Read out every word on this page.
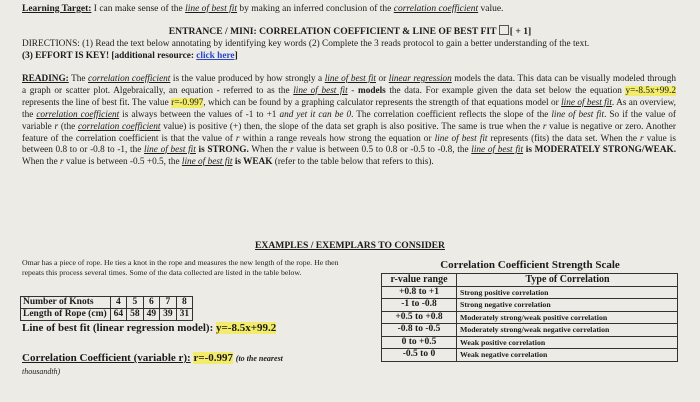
Learning Target: I can make sense of the line of best fit by making an inferred conclusion of the correlation coefficient value.
ENTRANCE / MINI: CORRELATION COEFFICIENT & LINE OF BEST FIT [ + 1]
DIRECTIONS: (1) Read the text below annotating by identifying key words (2) Complete the 3 reads protocol to gain a better understanding of the text.
(3) EFFORT IS KEY! [additional resource: click here]
READING: The correlation coefficient is the value produced by how strongly a line of best fit or linear regression models the data. This data can be visually modeled through a graph or scatter plot. Algebraically, an equation - referred to as the line of best fit - models the data. For example given the data set below the equation y=-8.5x+99.2 represents the line of best fit. The value r=-0.997, which can be found by a graphing calculator represents the strength of that equations model or line of best fit. As an overview, the correlation coefficient is always between the values of -1 to +1 and yet it can be 0. The correlation coefficient reflects the slope of the line of best fit. So if the value of variable r (the correlation coefficient value) is positive (+) then, the slope of the data set graph is also positive. The same is true when the r value is negative or zero. Another feature of the correlation coefficient is that the value of r within a range reveals how strong the equation or line of best fit represents (fits) the data set. When the r value is between 0.8 to or -0.8 to -1, the line of best fit is STRONG. When the r value is between 0.5 to 0.8 or -0.5 to -0.8, the line of best fit is MODERATELY STRONG/WEAK. When the r value is between -0.5 +0.5, the line of best fit is WEAK (refer to the table below that refers to this).
EXAMPLES / EXEMPLARS TO CONSIDER
Omar has a piece of rope. He ties a knot in the rope and measures the new length of the rope. He then repeats this process several times. Some of the data collected are listed in the table below.
Number of Knots	4	5	6	7	8
Length of Rope (cm)	64	58	49	39	31
Line of best fit (linear regression model): y=-8.5x+99.2
Correlation Coefficient (variable r): r=-0.997 (to the nearest
thousandth)
Correlation Coefficient Strength Scale
r-value range	Type of Correlation
+0.8 to +1	Strong positive correlation
-1 to -0.8	Strong negative correlation
+0.5 to +0.8	Moderately strong/weak positive correlation
-0.8 to -0.5	Moderately strong/weak negative correlation
0 to +0.5	Weak positive correlation
-0.5 to 0	Weak negative correlation
